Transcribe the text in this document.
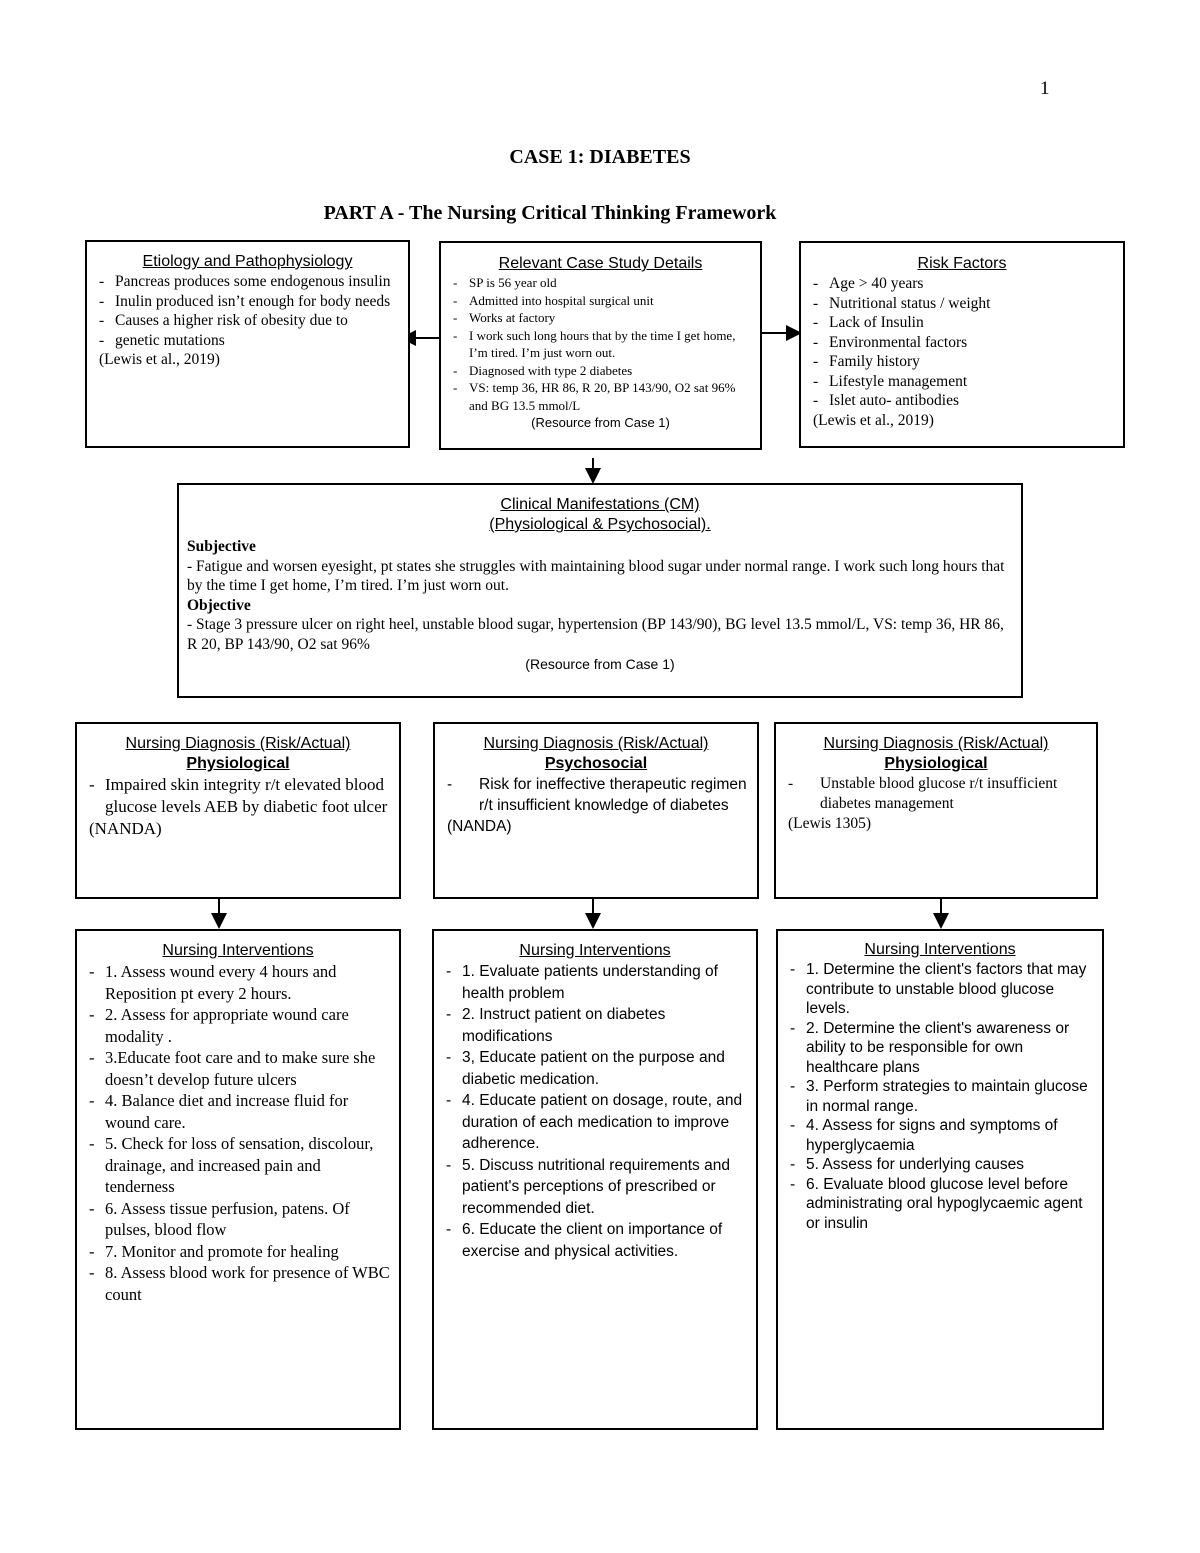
1
CASE 1: DIABETES
PART A - The Nursing Critical Thinking Framework
Etiology and Pathophysiology
- Pancreas produces some endogenous insulin
- Inulin produced isn’t enough for body needs
- Causes a higher risk of obesity due to
- genetic mutations
(Lewis et al., 2019)
Relevant Case Study Details
- SP is 56 year old
- Admitted into hospital surgical unit
- Works at factory
- I work such long hours that by the time I get home, I’m tired. I’m just worn out.
- Diagnosed with type 2 diabetes
- VS: temp 36, HR 86, R 20, BP 143/90, O2 sat 96% and BG 13.5 mmol/L
(Resource from Case 1)
Risk Factors
- Age > 40 years
- Nutritional status / weight
- Lack of Insulin
- Environmental factors
- Family history
- Lifestyle management
- Islet auto- antibodies
(Lewis et al., 2019)
Clinical Manifestations (CM)
(Physiological & Psychosocial).
Subjective
- Fatigue and worsen eyesight, pt states she struggles with maintaining blood sugar under normal range. I work such long hours that by the time I get home, I’m tired. I’m just worn out.
Objective
- Stage 3 pressure ulcer on right heel, unstable blood sugar, hypertension (BP 143/90), BG level 13.5 mmol/L, VS: temp 36, HR 86, R 20, BP 143/90, O2 sat 96%
(Resource from Case 1)
Nursing Diagnosis (Risk/Actual)
Physiological
- Impaired skin integrity r/t elevated blood glucose levels AEB by diabetic foot ulcer
(NANDA)
Nursing Diagnosis (Risk/Actual)
Psychosocial
- Risk for ineffective therapeutic regimen r/t insufficient knowledge of diabetes
(NANDA)
Nursing Diagnosis (Risk/Actual)
Physiological
- Unstable blood glucose r/t insufficient diabetes management
(Lewis 1305)
Nursing Interventions
- 1. Assess wound every 4 hours and Reposition pt every 2 hours.
- 2. Assess for appropriate wound care modality .
- 3.Educate foot care and to make sure she doesn’t develop future ulcers
- 4. Balance diet and increase fluid for wound care.
- 5. Check for loss of sensation, discolour, drainage, and increased pain and tenderness
- 6. Assess tissue perfusion, patens. Of pulses, blood flow
- 7. Monitor and promote for healing
- 8. Assess blood work for presence of WBC count
Nursing Interventions
- 1. Evaluate patients understanding of health problem
- 2. Instruct patient on diabetes modifications
- 3, Educate patient on the purpose and diabetic medication.
- 4. Educate patient on dosage, route, and duration of each medication to improve adherence.
- 5. Discuss nutritional requirements and patient's perceptions of prescribed or recommended diet.
- 6. Educate the client on importance of exercise and physical activities.
Nursing Interventions
- 1. Determine the client's factors that may contribute to unstable blood glucose levels.
- 2. Determine the client's awareness or ability to be responsible for own healthcare plans
- 3. Perform strategies to maintain glucose in normal range.
- 4. Assess for signs and symptoms of hyperglycaemia
- 5. Assess for underlying causes
- 6. Evaluate blood glucose level before administrating oral hypoglycaemic agent or insulin
